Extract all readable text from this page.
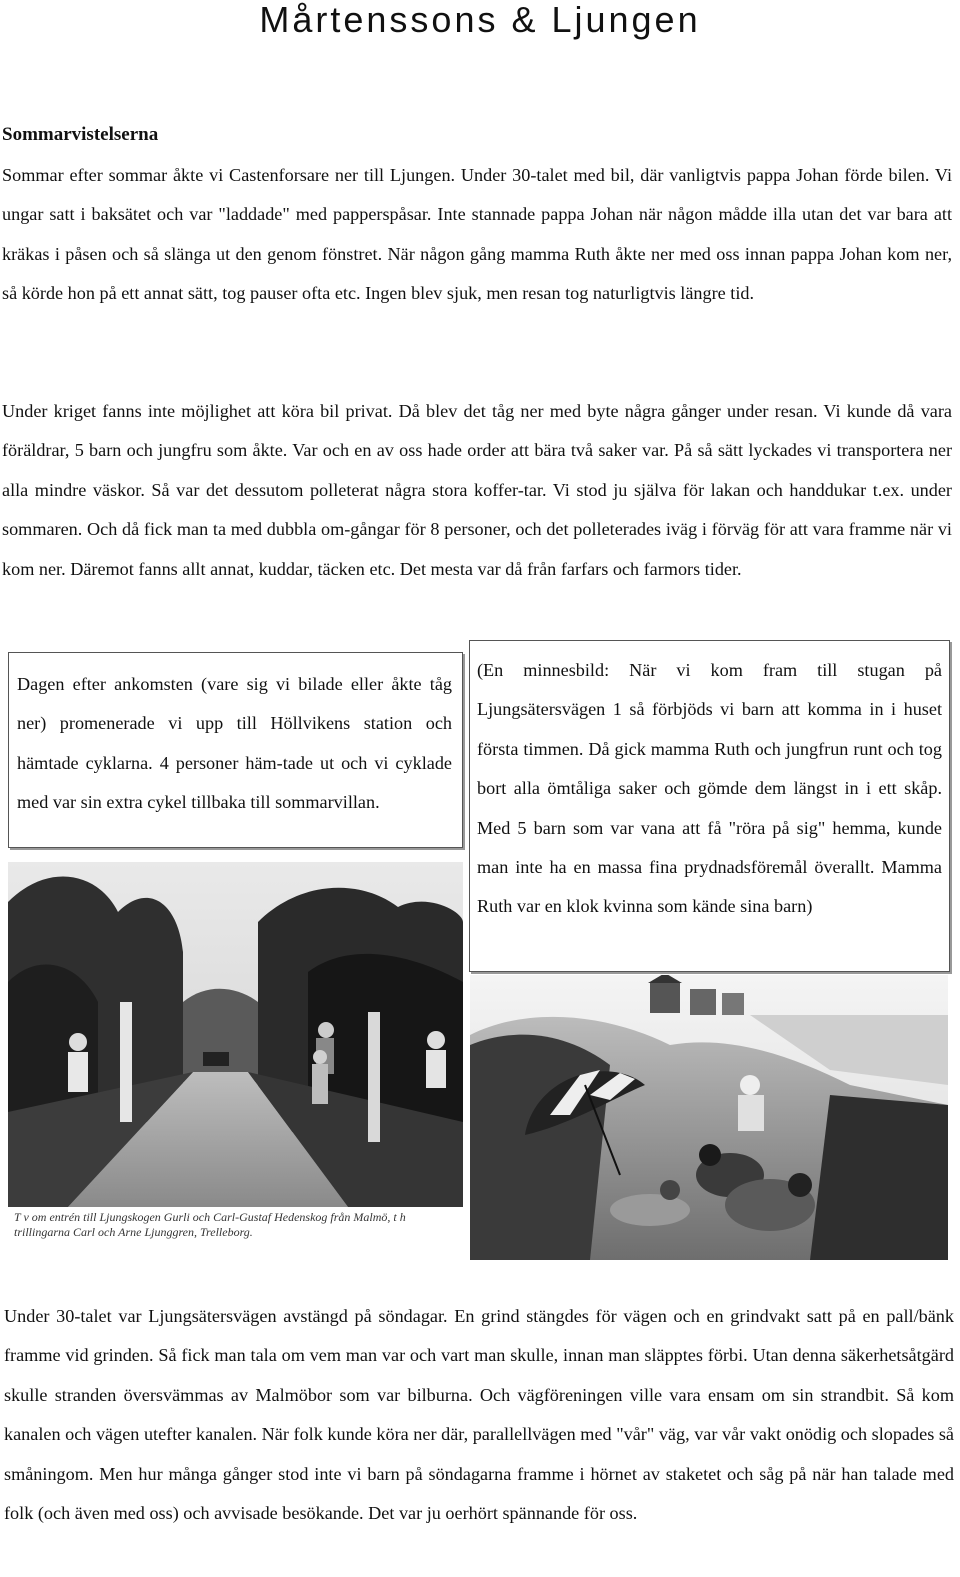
Mårtenssons & Ljungen
Sommarvistelserna

Sommar efter sommar åkte vi Castenforsare ner till Ljungen. Under 30-talet med bil, där vanligtvis pappa Johan förde bilen. Vi ungar satt i baksätet och var "laddade" med papperspåsar. Inte stannade pappa Johan när någon mådde illa utan det var bara att kräkas i påsen och så slänga ut den genom fönstret. När någon gång mamma Ruth åkte ner med oss innan pappa Johan kom ner, så körde hon på ett annat sätt, tog pauser ofta etc. Ingen blev sjuk, men resan tog naturligtvis längre tid.

Under kriget fanns inte möjlighet att köra bil privat. Då blev det tåg ner med byte några gånger under resan. Vi kunde då vara föräldrar, 5 barn och jungfru som åkte. Var och en av oss hade order att bära två saker var. På så sätt lyckades vi transportera ner alla mindre väskor. Så var det dessutom polleterat några stora koffer-tar. Vi stod ju själva för lakan och handdukar t.ex. under sommaren. Och då fick man ta med dubbla om-gångar för 8 personer, och det polleterades iväg i förväg för att vara framme när vi kom ner. Däremot fanns allt annat, kuddar, täcken etc. Det mesta var då från farfars och farmors tider.

Dagen efter ankomsten (vare sig vi bilade eller åkte tåg ner) promenerade vi upp till Höllvikens station och hämtade cyklarna. 4 personer häm-tade ut och vi cyklade med var sin extra cykel tillbaka till sommarvillan.

(En minnesbild: När vi kom fram till stugan på Ljungsätersvägen 1 så förbjöds vi barn att komma in i huset första timmen. Då gick mamma Ruth och jungfrun runt och tog bort alla ömtåliga saker och gömde dem längst in i ett skåp. Med 5 barn som var vana att få "röra på sig" hemma, kunde man inte ha en massa fina prydnadsföremål överallt. Mamma Ruth var en klok kvinna som kände sina barn)

T v om entrén till Ljungskogen Gurli och Carl-Gustaf Hedenskog från Malmö, t h trillingarna Carl och Arne Ljunggren, Trelleborg.

Under 30-talet var Ljungsätersvägen avstängd på söndagar. En grind stängdes för vägen och en grindvakt satt på en pall/bänk framme vid grinden. Så fick man tala om vem man var och vart man skulle, innan man släpptes förbi. Utan denna säkerhetsåtgärd skulle stranden översvämmas av Malmöbor som var bilburna. Och vägföreningen ville vara ensam om sin strandbit. Så kom kanalen och vägen utefter kanalen. När folk kunde köra ner där, parallellvägen med "vår" väg, var vår vakt onödig och slopades så småningom. Men hur många gånger stod inte vi barn på söndagarna framme i hörnet av staketet och såg på när han talade med folk (och även med oss) och avvisade besökande. Det var ju oerhört spännande för oss.
